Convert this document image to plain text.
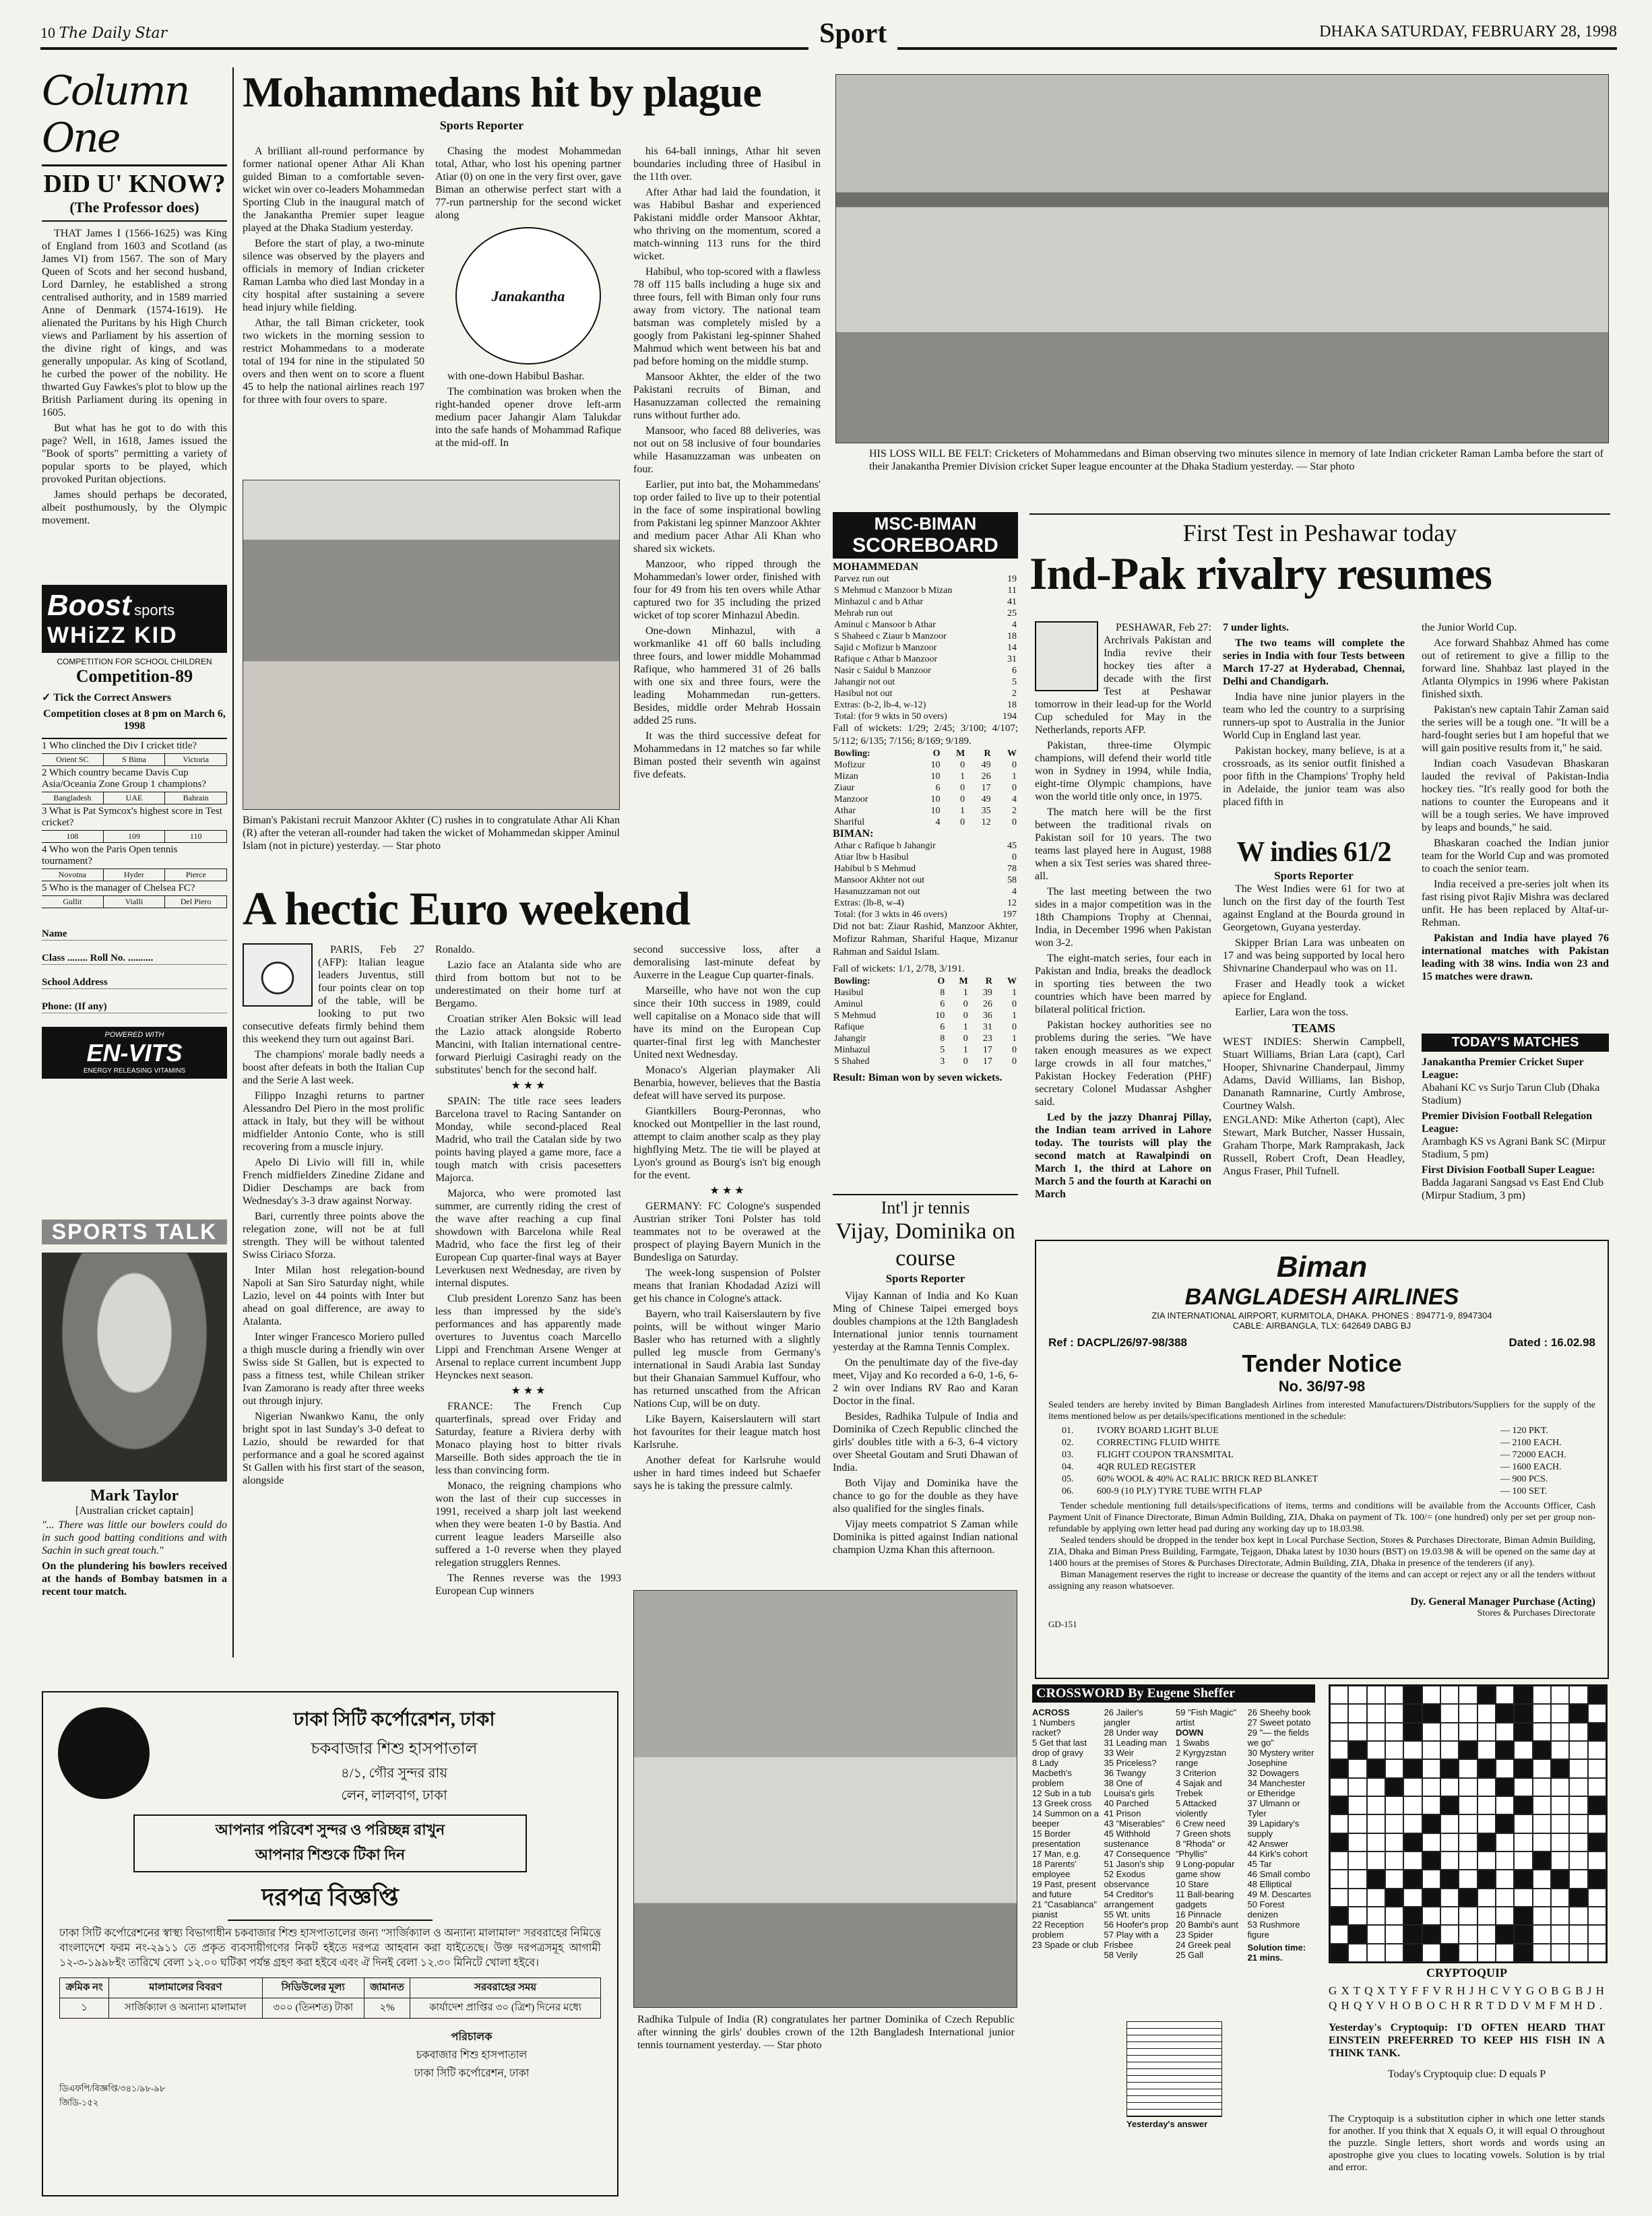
10 The Daily Star	Sport	DHAKA SATURDAY, FEBRUARY 28, 1998
Column One
DID U' KNOW?
(The Professor does)

THAT James I (1566-1625) was King of England from 1603 and Scotland (as James VI) from 1567. The son of Mary Queen of Scots and her second husband, Lord Darnley, he established a strong centralised authority, and in 1589 married Anne of Denmark (1574-1619). He alienated the Puritans by his High Church views and Parliament by his assertion of the divine right of kings, and was generally unpopular. As king of Scotland, he curbed the power of the nobility. He thwarted Guy Fawkes's plot to blow up the British Parliament during its opening in 1605.

But what has he got to do with this page? Well, in 1618, James issued the "Book of sports" permitting a variety of popular sports to be played, which provoked Puritan objections.

James should perhaps be decorated, albeit posthumously, by the Olympic movement.

Boost sports
WHiZZ KID
COMPETITION FOR SCHOOL CHILDREN
Competition-89
✓ Tick the Correct Answers
Competition closes at 8 pm on March 6, 1998
1 Who clinched the Div I cricket title?
Orient SC	S Bima	Victoria
2 Which country became Davis Cup Asia/Oceania Zone Group 1 champions?
Bangladesh	UAE	Bahrain
3 What is Pat Symcox's highest score in Test cricket?
108	109	110
4 Who won the Paris Open tennis tournament?
Novotna	Hyder	Pierce
5 Who is the manager of Chelsea FC?
Gullit	Vialli	Del Piero
Name
Class ........ Roll No. ..........
School Address
Phone: (If any)
POWERED WITH
EN-VITS
ENERGY RELEASING VITAMINS
SPORTS TALK
Mark Taylor
[Australian cricket captain]
"... There was little our bowlers could do in such good batting conditions and with Sachin in such great touch."
On the plundering his bowlers received at the hands of Bombay batsmen in a recent tour match.
Mohammedans hit by plague
Sports Reporter

A brilliant all-round performance by former national opener Athar Ali Khan guided Biman to a comfortable seven-wicket win over co-leaders Mohammedan Sporting Club in the inaugural match of the Janakantha Premier super league played at the Dhaka Stadium yesterday.

Before the start of play, a two-minute silence was observed by the players and officials in memory of Indian cricketer Raman Lamba who died last Monday in a city hospital after sustaining a severe head injury while fielding.

Athar, the tall Biman cricketer, took two wickets in the morning session to restrict Mohammedans to a moderate total of 194 for nine in the stipulated 50 overs and then went on to score a fluent 45 to help the national airlines reach 197 for three with four overs to spare.

Chasing the modest Mohammedan total, Athar, who lost his opening partner Atiar (0) on one in the very first over, gave Biman an otherwise perfect start with a 77-run partnership for the second wicket along

Janakantha

with one-down Habibul Bashar.

The combination was broken when the right-handed opener drove left-arm medium pacer Jahangir Alam Talukdar into the safe hands of Mohammad Rafique at the mid-off. In

his 64-ball innings, Athar hit seven boundaries including three of Hasibul in the 11th over.

After Athar had laid the foundation, it was Habibul Bashar and experienced Pakistani middle order Mansoor Akhtar, who thriving on the momentum, scored a match-winning 113 runs for the third wicket.

Habibul, who top-scored with a flawless 78 off 115 balls including a huge six and three fours, fell with Biman only four runs away from victory. The national team batsman was completely misled by a googly from Pakistani leg-spinner Shahed Mahmud which went between his bat and pad before homing on the middle stump.

Mansoor Akhter, the elder of the two Pakistani recruits of Biman, and Hasanuzzaman collected the remaining runs without further ado.

Mansoor, who faced 88 deliveries, was not out on 58 inclusive of four boundaries while Hasanuzzaman was unbeaten on four.

Earlier, put into bat, the Mohammedans' top order failed to live up to their potential in the face of some inspirational bowling from Pakistani leg spinner Manzoor Akhter and medium pacer Athar Ali Khan who shared six wickets.

Manzoor, who ripped through the Mohammedan's lower order, finished with four for 49 from his ten overs while Athar captured two for 35 including the prized wicket of top scorer Minhazul Abedin.

One-down Minhazul, with a workmanlike 41 off 60 balls including three fours, and lower middle Mohammad Rafique, who hammered 31 of 26 balls with one six and three fours, were the leading Mohammedan run-getters. Besides, middle order Mehrab Hossain added 25 runs.

It was the third successive defeat for Mohammedans in 12 matches so far while Biman posted their seventh win against five defeats.

Biman's Pakistani recruit Manzoor Akhter (C) rushes in to congratulate Athar Ali Khan (R) after the veteran all-rounder had taken the wicket of Mohammedan skipper Aminul Islam (not in picture) yesterday. — Star photo
HIS LOSS WILL BE FELT: Cricketers of Mohammedans and Biman observing two minutes silence in memory of late Indian cricketer Raman Lamba before the start of their Janakantha Premier Division cricket Super league encounter at the Dhaka Stadium yesterday. — Star photo
MSC-BIMAN
SCOREBOARD
MOHAMMEDAN
Parvez run out	19
S Mehmud c Manzoor b Mizan	11
Minhazul c and b Athar	41
Mehrab run out	25
Aminul c Mansoor b Athar	4
S Shaheed c Ziaur b Manzoor	18
Sajid c Mofizur b Manzoor	14
Rafique c Athar b Manzoor	31
Nasir c Saidul b Manzoor	6
Jahangir not out	5
Hasibul not out	2
Extras: (b-2, lb-4, w-12)	18
Total: (for 9 wkts in 50 overs)	194
Fall of wickets: 1/29; 2/45; 3/100; 4/107; 5/112; 6/135; 7/156; 8/169; 9/189.
Bowling:	O	M	R	W
Mofizur	10	0	49	0
Mizan	10	1	26	1
Ziaur	6	0	17	0
Manzoor	10	0	49	4
Athar	10	1	35	2
Shariful	4	0	12	0
BIMAN:
Athar c Rafique b Jahangir	45
Atiar lbw b Hasibul	0
Habibul b S Mehmud	78
Mansoor Akhter not out	58
Hasanuzzaman not out	4
Extras: (lb-8, w-4)	12
Total: (for 3 wkts in 46 overs)	197
Did not bat: Ziaur Rashid, Manzoor Akhter, Mofizur Rahman, Shariful Haque, Mizanur Rahman and Saidul Islam.
Fall of wickets: 1/1, 2/78, 3/191.
Bowling:	O	M	R	W
Hasibul	8	1	39	1
Aminul	6	0	26	0
S Mehmud	10	0	36	1
Rafique	6	1	31	0
Jahangir	8	0	23	1
Minhazul	5	1	17	0
S Shahed	3	0	17	0
Result: Biman won by seven wickets.
First Test in Peshawar today
Ind-Pak rivalry resumes

PESHAWAR, Feb 27: Archrivals Pakistan and India revive their hockey ties after a decade with the first Test at Peshawar tomorrow in their lead-up for the World Cup scheduled for May in the Netherlands, reports AFP.

Pakistan, three-time Olympic champions, will defend their world title won in Sydney in 1994, while India, eight-time Olympic champions, have won the world title only once, in 1975.

The match here will be the first between the traditional rivals on Pakistan soil for 10 years. The two teams last played here in August, 1988 when a six Test series was shared three-all.

The last meeting between the two sides in a major competition was in the 18th Champions Trophy at Chennai, India, in December 1996 when Pakistan won 3-2.

The eight-match series, four each in Pakistan and India, breaks the deadlock in sporting ties between the two countries which have been marred by bilateral political friction.

Pakistan hockey authorities see no problems during the series. "We have taken enough measures as we expect large crowds in all four matches," Pakistan Hockey Federation (PHF) secretary Colonel Mudassar Ashgher said.

Led by the jazzy Dhanraj Pillay, the Indian team arrived in Lahore today. The tourists will play the second match at Rawalpindi on March 1, the third at Lahore on March 5 and the fourth at Karachi on March

7 under lights.

The two teams will complete the series in India with four Tests between March 17-27 at Hyderabad, Chennai, Delhi and Chandigarh.

India have nine junior players in the team who led the country to a surprising runners-up spot to Australia in the Junior World Cup in England last year.

Pakistan hockey, many believe, is at a crossroads, as its senior outfit finished a poor fifth in the Champions' Trophy held in Adelaide, the junior team was also placed fifth in

the Junior World Cup.

Ace forward Shahbaz Ahmed has come out of retirement to give a fillip to the forward line. Shahbaz last played in the Atlanta Olympics in 1996 where Pakistan finished sixth.

Pakistan's new captain Tahir Zaman said the series will be a tough one. "It will be a hard-fought series but I am hopeful that we will gain positive results from it," he said.

Indian coach Vasudevan Bhaskaran lauded the revival of Pakistan-India hockey ties. "It's really good for both the nations to counter the Europeans and it will be a tough series. We have improved by leaps and bounds," he said.

Bhaskaran coached the Indian junior team for the World Cup and was promoted to coach the senior team.

India received a pre-series jolt when its fast rising pivot Rajiv Mishra was declared unfit. He has been replaced by Altaf-ur-Rehman.

Pakistan and India have played 76 international matches with Pakistan leading with 38 wins. India won 23 and 15 matches were drawn.

W indies 61/2
Sports Reporter

The West Indies were 61 for two at lunch on the first day of the fourth Test against England at the Bourda ground in Georgetown, Guyana yesterday.

Skipper Brian Lara was unbeaten on 17 and was being supported by local hero Shivnarine Chanderpaul who was on 11.

Fraser and Headly took a wicket apiece for England.

Earlier, Lara won the toss.

TEAMS
WEST INDIES: Sherwin Campbell, Stuart Williams, Brian Lara (capt), Carl Hooper, Shivnarine Chanderpaul, Jimmy Adams, David Williams, Ian Bishop, Dananath Ramnarine, Curtly Ambrose, Courtney Walsh.
ENGLAND: Mike Atherton (capt), Alec Stewart, Mark Butcher, Nasser Hussain, Graham Thorpe, Mark Ramprakash, Jack Russell, Robert Croft, Dean Headley, Angus Fraser, Phil Tufnell.
TODAY'S MATCHES
Janakantha Premier Cricket Super League:
Abahani KC vs Surjo Tarun Club (Dhaka Stadium)
Premier Division Football Relegation League:
Arambagh KS vs Agrani Bank SC (Mirpur Stadium, 5 pm)
First Division Football Super League:
Badda Jagarani Sangsad vs East End Club (Mirpur Stadium, 3 pm)
A hectic Euro weekend

PARIS, Feb 27 (AFP): Italian league leaders Juventus, still four points clear on top of the table, will be looking to put two consecutive defeats firmly behind them this weekend they turn out against Bari.

The champions' morale badly needs a boost after defeats in both the Italian Cup and the Serie A last week.

Filippo Inzaghi returns to partner Alessandro Del Piero in the most prolific attack in Italy, but they will be without midfielder Antonio Conte, who is still recovering from a muscle injury.

Apelo Di Livio will fill in, while French midfielders Zinedine Zidane and Didier Deschamps are back from Wednesday's 3-3 draw against Norway.

Bari, currently three points above the relegation zone, will not be at full strength. They will be without talented Swiss Ciriaco Sforza.

Inter Milan host relegation-bound Napoli at San Siro Saturday night, while Lazio, level on 44 points with Inter but ahead on goal difference, are away to Atalanta.

Inter winger Francesco Moriero pulled a thigh muscle during a friendly win over Swiss side St Gallen, but is expected to pass a fitness test, while Chilean striker Ivan Zamorano is ready after three weeks out through injury.

Nigerian Nwankwo Kanu, the only bright spot in last Sunday's 3-0 defeat to Lazio, should be rewarded for that performance and a goal he scored against St Gallen with his first start of the season, alongside

Ronaldo.

Lazio face an Atalanta side who are third from bottom but not to be underestimated on their home turf at Bergamo.

Croatian striker Alen Boksic will lead the Lazio attack alongside Roberto Mancini, with Italian international centre-forward Pierluigi Casiraghi ready on the substitutes' bench for the second half.

★ ★ ★

SPAIN: The title race sees leaders Barcelona travel to Racing Santander on Monday, while second-placed Real Madrid, who trail the Catalan side by two points having played a game more, face a tough match with crisis pacesetters Majorca.

Majorca, who were promoted last summer, are currently riding the crest of the wave after reaching a cup final showdown with Barcelona while Real Madrid, who face the first leg of their European Cup quarter-final ways at Bayer Leverkusen next Wednesday, are riven by internal disputes.

Club president Lorenzo Sanz has been less than impressed by the side's performances and has apparently made overtures to Juventus coach Marcello Lippi and Frenchman Arsene Wenger at Arsenal to replace current incumbent Jupp Heynckes next season.

★ ★ ★

FRANCE: The French Cup quarterfinals, spread over Friday and Saturday, feature a Riviera derby with Monaco playing host to bitter rivals Marseille. Both sides approach the tie in less than convincing form.

Monaco, the reigning champions who won the last of their cup successes in 1991, received a sharp jolt last weekend when they were beaten 1-0 by Bastia. And current league leaders Marseille also suffered a 1-0 reverse when they played relegation strugglers Rennes.

The Rennes reverse was the 1993 European Cup winners

second successive loss, after a demoralising last-minute defeat by Auxerre in the League Cup quarter-finals.

Marseille, who have not won the cup since their 10th success in 1989, could well capitalise on a Monaco side that will have its mind on the European Cup quarter-final first leg with Manchester United next Wednesday.

Monaco's Algerian playmaker Ali Benarbia, however, believes that the Bastia defeat will have served its purpose.

Giantkillers Bourg-Peronnas, who knocked out Montpellier in the last round, attempt to claim another scalp as they play highflying Metz. The tie will be played at Lyon's ground as Bourg's isn't big enough for the event.

★ ★ ★

GERMANY: FC Cologne's suspended Austrian striker Toni Polster has told teammates not to be overawed at the prospect of playing Bayern Munich in the Bundesliga on Saturday.

The week-long suspension of Polster means that Iranian Khodadad Azizi will get his chance in Cologne's attack.

Bayern, who trail Kaiserslautern by five points, will be without winger Mario Basler who has returned with a slightly pulled leg muscle from Germany's international in Saudi Arabia last Sunday but their Ghanaian Sammuel Kuffour, who has returned unscathed from the African Nations Cup, will be on duty.

Like Bayern, Kaiserslautern will start hot favourites for their league match host Karlsruhe.

Another defeat for Karlsruhe would usher in hard times indeed but Schaefer says he is taking the pressure calmly.

Int'l jr tennis
Vijay, Dominika on course
Sports Reporter

Vijay Kannan of India and Ko Kuan Ming of Chinese Taipei emerged boys doubles champions at the 12th Bangladesh International junior tennis tournament yesterday at the Ramna Tennis Complex.

On the penultimate day of the five-day meet, Vijay and Ko recorded a 6-0, 1-6, 6-2 win over Indians RV Rao and Karan Doctor in the final.

Besides, Radhika Tulpule of India and Dominika of Czech Republic clinched the girls' doubles title with a 6-3, 6-4 victory over Sheetal Goutam and Sruti Dhawan of India.

Both Vijay and Dominika have the chance to go for the double as they have also qualified for the singles finals.

Vijay meets compatriot S Zaman while Dominika is pitted against Indian national champion Uzma Khan this afternoon.

Radhika Tulpule of India (R) congratulates her partner Dominika of Czech Republic after winning the girls' doubles crown of the 12th Bangladesh International junior tennis tournament yesterday. — Star photo
Biman
BANGLADESH AIRLINES
ZIA INTERNATIONAL AIRPORT, KURMITOLA, DHAKA. PHONES : 894771-9, 8947304
CABLE: AIRBANGLA, TLX: 642649 DABG BJ
Ref : DACPL/26/97-98/388	Dated : 16.02.98
Tender Notice
No. 36/97-98
Sealed tenders are hereby invited by Biman Bangladesh Airlines from interested Manufacturers/Distributors/Suppliers for the supply of the items mentioned below as per details/specifications mentioned in the schedule:
01.	IVORY BOARD LIGHT BLUE	— 120 PKT.
02.	CORRECTING FLUID WHITE	— 2100 EACH.
03.	FLIGHT COUPON TRANSMITAL	— 72000 EACH.
04.	4QR RULED REGISTER	— 1600 EACH.
05.	60% WOOL & 40% AC RALIC BRICK RED BLANKET	— 900 PCS.
06.	600-9 (10 PLY) TYRE TUBE WITH FLAP	— 100 SET.

Tender schedule mentioning full details/specifications of items, terms and conditions will be available from the Accounts Officer, Cash Payment Unit of Finance Directorate, Biman Admin Building, ZIA, Dhaka on payment of Tk. 100/= (one hundred) only per set per group non-refundable by applying own letter head pad during any working day up to 18.03.98.

Sealed tenders should be dropped in the tender box kept in Local Purchase Section, Stores & Purchases Directorate, Biman Admin Building, ZIA, Dhaka and Biman Press Building, Farmgate, Tejgaon, Dhaka latest by 1030 hours (BST) on 19.03.98 & will be opened on the same day at 1400 hours at the premises of Stores & Purchases Directorate, Admin Building, ZIA, Dhaka in presence of the tenderers (if any).

Biman Management reserves the right to increase or decrease the quantity of the items and can accept or reject any or all the tenders without assigning any reason whatsoever.

Dy. General Manager Purchase (Acting)
Stores & Purchases Directorate
GD-151
CROSSWORD By Eugene Sheffer
ACROSS
1 Numbers racket?
5 Get that last drop of gravy
8 Lady Macbeth's problem
12 Sub in a tub
13 Greek cross
14 Summon on a beeper
15 Border presentation
17 Man, e.g.
18 Parents' employee
19 Past, present and future
21 "Casablanca" pianist
22 Reception problem
23 Spade or club
26 Jailer's jangler
28 Under way
31 Leading man
33 Weir
35 Priceless?
36 Twangy
38 One of Louisa's girls
40 Parched
41 Prison
43 "Miserables"
45 Withhold sustenance
47 Consequence
51 Jason's ship
52 Exodus observance
54 Creditor's arrangement
55 Wt. units
56 Hoofer's prop
57 Play with a Frisbee
58 Verily
59 "Fish Magic" artist
DOWN
1 Swabs
2 Kyrgyzstan range
3 Criterion
4 Sajak and Trebek
5 Attacked violently
6 Crew need
7 Green shots
8 "Rhoda" or "Phyllis"
9 Long-popular game show
10 Stare
11 Ball-bearing gadgets
16 Pinnacle
20 Bambi's aunt
23 Spider
24 Greek peal
25 Gall
26 Sheehy book
27 Sweet potato
29 "— the fields we go"
30 Mystery writer Josephine
32 Dowagers
34 Manchester or Etheridge
37 Ulmann or Tyler
39 Lapidary's supply
42 Answer
44 Kirk's cohort
45 Tar
46 Small combo
48 Elliptical
49 M. Descartes
50 Forest denizen
53 Rushmore figure
Solution time: 21 mins.
Yesterday's answer
CRYPTOQUIP
G X T Q X T Y F F V R H J H C V Y G O B G B J H Q H Q Y V H O B O C H R R T D D V M F M H D .
Yesterday's Cryptoquip: I'D OFTEN HEARD THAT EINSTEIN PREFERRED TO KEEP HIS FISH IN A THINK TANK.
Today's Cryptoquip clue: D equals P
The Cryptoquip is a substitution cipher in which one letter stands for another. If you think that X equals O, it will equal O throughout the puzzle. Single letters, short words and words using an apostrophe give you clues to locating vowels. Solution is by trial and error.
ঢাকা সিটি কর্পোরেশন, ঢাকা
চকবাজার শিশু হাসপাতাল
৪/১, গৌর সুন্দর রায়
লেন, লালবাগ, ঢাকা
আপনার পরিবেশ সুন্দর ও পরিচ্ছন্ন রাখুন
আপনার শিশুকে টিকা দিন
দরপত্র বিজ্ঞপ্তি
ঢাকা সিটি কর্পোরেশনের স্বাস্থ্য বিভাগাধীন চকবাজার শিশু হাসপাতালের জন্য "সার্জিক্যাল ও অন্যান্য মালামাল" সরবরাহের নিমিত্তে বাংলাদেশে ফরম নং-২৯১১ তে প্রকৃত ব্যবসায়ীগণের নিকট হইতে দরপত্র আহবান করা যাইতেছে। উক্ত দরপত্রসমূহ আগামী ১২-৩-১৯৯৮ইং তারিখে বেলা ১২.০০ ঘটিকা পর্যন্ত গ্রহণ করা হইবে এবং ঐ দিনই বেলা ১২.৩০ মিনিটে খোলা হইবে।
ক্রমিক নং	মালামালের বিবরণ	সিডিউলের মূল্য	জামানত	সরবরাহের সময়
১	সার্জিক্যাল ও অন্যান্য মালামাল	৩০০ (তিনশত) টাকা	২%	কার্যাদেশ প্রাপ্তির ৩০ (ত্রিশ) দিনের মধ্যে
পরিচালক
চকবাজার শিশু হাসপাতাল
ঢাকা সিটি কর্পোরেশন, ঢাকা
ডিএফপি/বিজ্ঞপ্তি/৩৪১/৯৮-৯৮
জিডি-১৫২
